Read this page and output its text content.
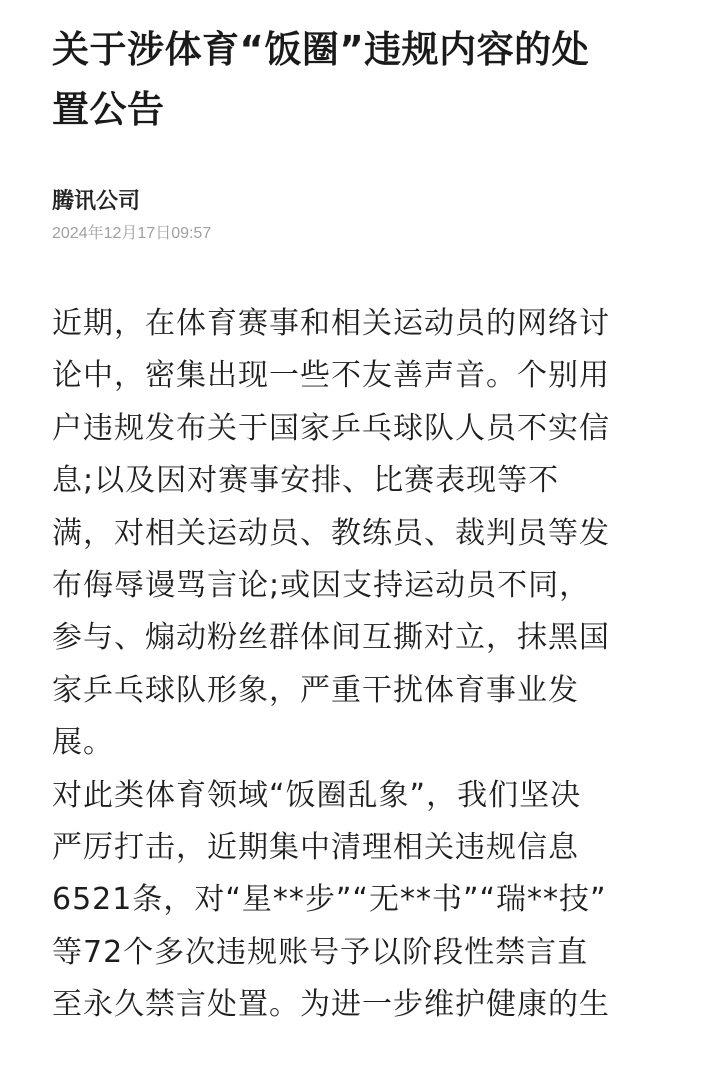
关于涉体育“饭圈”违规内容的处
置公告

腾讯公司

2024年12月17日09:57

近期，在体育赛事和相关运动员的网络讨
论中，密集出现一些不友善声音。个别用
户违规发布关于国家乒乓球队人员不实信
息;以及因对赛事安排、比赛表现等不
满，对相关运动员、教练员、裁判员等发
布侮辱谩骂言论;或因支持运动员不同，
参与、煽动粉丝群体间互撕对立，抹黑国
家乒乓球队形象，严重干扰体育事业发
展。
对此类体育领域“饭圈乱象”，我们坚决
严厉打击，近期集中清理相关违规信息
6521条，对“星**步”“无**书”“瑞**技”
等72个多次违规账号予以阶段性禁言直
至永久禁言处置。为进一步维护健康的生
